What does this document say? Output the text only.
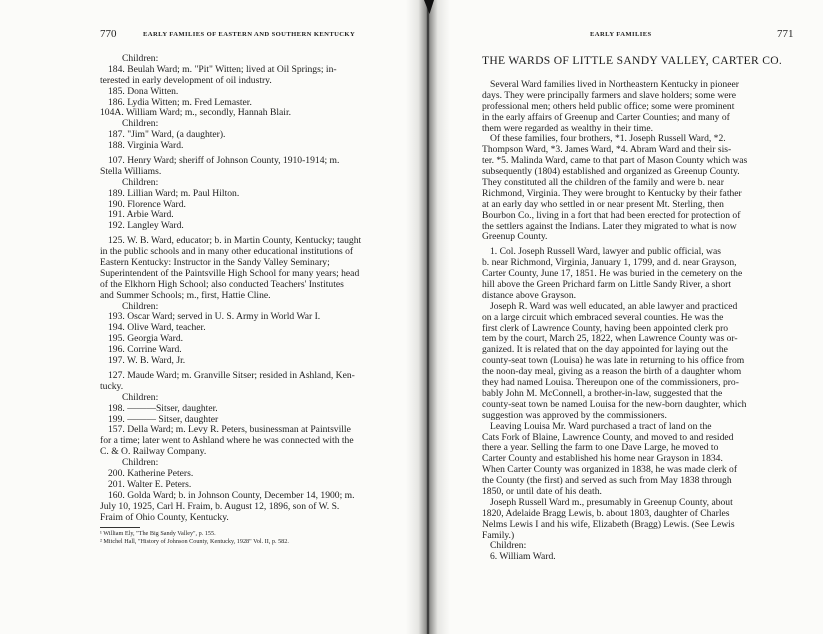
770	EARLY FAMILIES OF EASTERN AND SOUTHERN KENTUCKY
Children:
184. Beulah Ward; m. "Pit" Witten; lived at Oil Springs; in-
terested in early development of oil industry.
185. Dona Witten.
186. Lydia Witten; m. Fred Lemaster.
104A. William Ward; m., secondly, Hannah Blair.
Children:
187. "Jim" Ward, (a daughter).
188. Virginia Ward.
107. Henry Ward; sheriff of Johnson County, 1910-1914; m.
Stella Williams.
Children:
189. Lillian Ward; m. Paul Hilton.
190. Florence Ward.
191. Arbie Ward.
192. Langley Ward.
125. W. B. Ward, educator; b. in Martin County, Kentucky; taught
in the public schools and in many other educational institutions of
Eastern Kentucky: Instructor in the Sandy Valley Seminary;
Superintendent of the Paintsville High School for many years; head
of the Elkhorn High School; also conducted Teachers' Institutes
and Summer Schools; m., first, Hattie Cline.
Children:
193. Oscar Ward; served in U. S. Army in World War I.
194. Olive Ward, teacher.
195. Georgia Ward.
196. Corrine Ward.
197. W. B. Ward, Jr.
127. Maude Ward; m. Granville Sitser; resided in Ashland, Ken-
tucky.
Children:
198. ———Sitser, daughter.
199. ——— Sitser, daughter
157. Della Ward; m. Levy R. Peters, businessman at Paintsville
for a time; later went to Ashland where he was connected with the
C. & O. Railway Company.
Children:
200. Katherine Peters.
201. Walter E. Peters.
160. Golda Ward; b. in Johnson County, December 14, 1900; m.
July 10, 1925, Carl H. Fraim, b. August 12, 1896, son of W. S.
Fraim of Ohio County, Kentucky.
¹ William Ely, "The Big Sandy Valley", p. 155.
² Mitchel Hall, "History of Johnson County, Kentucky, 1928" Vol. II, p. 582.
EARLY FAMILIES	771
THE WARDS OF LITTLE SANDY VALLEY, CARTER CO.
Several Ward families lived in Northeastern Kentucky in pioneer
days. They were principally farmers and slave holders; some were
professional men; others held public office; some were prominent
in the early affairs of Greenup and Carter Counties; and many of
them were regarded as wealthy in their time.
Of these families, four brothers, *1. Joseph Russell Ward, *2.
Thompson Ward, *3. James Ward, *4. Abram Ward and their sis-
ter. *5. Malinda Ward, came to that part of Mason County which was
subsequently (1804) established and organized as Greenup County.
They constituted all the children of the family and were b. near
Richmond, Virginia. They were brought to Kentucky by their father
at an early day who settled in or near present Mt. Sterling, then
Bourbon Co., living in a fort that had been erected for protection of
the settlers against the Indians. Later they migrated to what is now
Greenup County.
1. Col. Joseph Russell Ward, lawyer and public official, was
b. near Richmond, Virginia, January 1, 1799, and d. near Grayson,
Carter County, June 17, 1851. He was buried in the cemetery on the
hill above the Green Prichard farm on Little Sandy River, a short
distance above Grayson.
Joseph R. Ward was well educated, an able lawyer and practiced
on a large circuit which embraced several counties. He was the
first clerk of Lawrence County, having been appointed clerk pro
tem by the court, March 25, 1822, when Lawrence County was or-
ganized. It is related that on the day appointed for laying out the
county-seat town (Louisa) he was late in returning to his office from
the noon-day meal, giving as a reason the birth of a daughter whom
they had named Louisa. Thereupon one of the commissioners, pro-
bably John M. McConnell, a brother-in-law, suggested that the
county-seat town be named Louisa for the new-born daughter, which
suggestion was approved by the commissioners.
Leaving Louisa Mr. Ward purchased a tract of land on the
Cats Fork of Blaine, Lawrence County, and moved to and resided
there a year. Selling the farm to one Dave Large, he moved to
Carter County and established his home near Grayson in 1834.
When Carter County was organized in 1838, he was made clerk of
the County (the first) and served as such from May 1838 through
1850, or until date of his death.
Joseph Russell Ward m., presumably in Greenup County, about
1820, Adelaide Bragg Lewis, b. about 1803, daughter of Charles
Nelms Lewis I and his wife, Elizabeth (Bragg) Lewis. (See Lewis
Family.)
Children:
6. William Ward.
